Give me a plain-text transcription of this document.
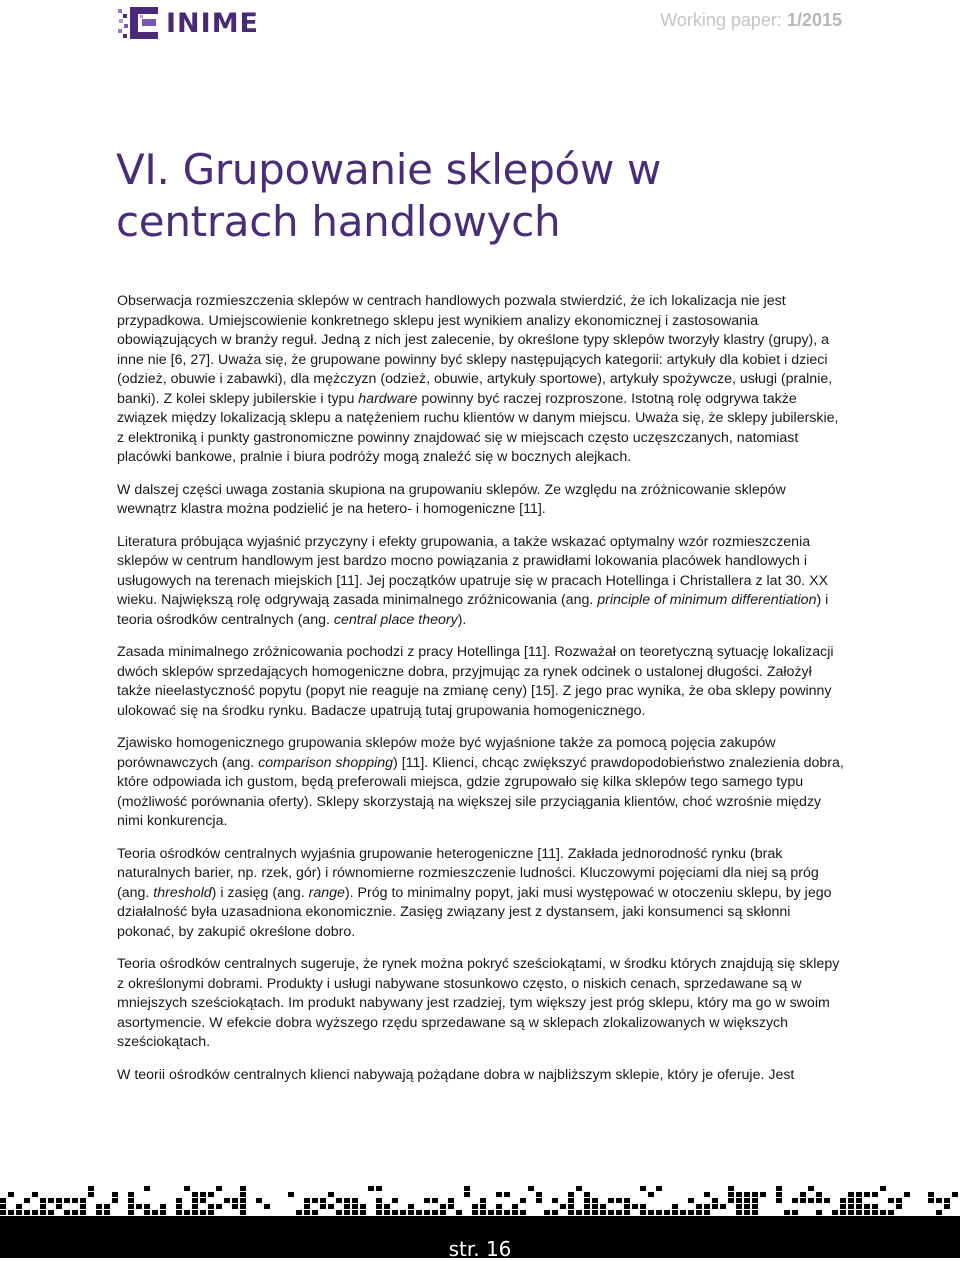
INIME	Working paper: 1/2015
VI. Grupowanie sklepów w centrach handlowych

Obserwacja rozmieszczenia sklepów w centrach handlowych pozwala stwierdzić, że ich lokalizacja nie jest przypadkowa. Umiejscowienie konkretnego sklepu jest wynikiem analizy ekonomicznej i zastosowania obowiązujących w branży reguł. Jedną z nich jest zalecenie, by określone typy sklepów tworzyły klastry (grupy), a inne nie [6, 27]. Uważa się, że grupowane powinny być sklepy następujących kategorii: artykuły dla kobiet i dzieci (odzież, obuwie i zabawki), dla mężczyzn (odzież, obuwie, artykuły sportowe), artykuły spożywcze, usługi (pralnie, banki). Z kolei sklepy jubilerskie i typu hardware powinny być raczej rozproszone. Istotną rolę odgrywa także związek między lokalizacją sklepu a natężeniem ruchu klientów w danym miejscu. Uważa się, że sklepy jubilerskie, z elektroniką i punkty gastronomiczne powinny znajdować się w miejscach często uczęszczanych, natomiast placówki bankowe, pralnie i biura podróży mogą znaleźć się w bocznych alejkach.

W dalszej części uwaga zostania skupiona na grupowaniu sklepów. Ze względu na zróżnicowanie sklepów wewnątrz klastra można podzielić je na hetero- i homogeniczne [11].

Literatura próbująca wyjaśnić przyczyny i efekty grupowania, a także wskazać optymalny wzór rozmieszczenia sklepów w centrum handlowym jest bardzo mocno powiązania z prawidłami lokowania placówek handlowych i usługowych na terenach miejskich [11]. Jej początków upatruje się w pracach Hotellinga i Christallera z lat 30. XX wieku. Największą rolę odgrywają zasada minimalnego zróżnicowania (ang. principle of minimum differentiation) i teoria ośrodków centralnych (ang. central place theory).

Zasada minimalnego zróżnicowania pochodzi z pracy Hotellinga [11]. Rozważał on teoretyczną sytuację lokalizacji dwóch sklepów sprzedających homogeniczne dobra, przyjmując za rynek odcinek o ustalonej długości. Założył także nieelastyczność popytu (popyt nie reaguje na zmianę ceny) [15]. Z jego prac wynika, że oba sklepy powinny ulokować się na środku rynku. Badacze upatrują tutaj grupowania homogenicznego.

Zjawisko homogenicznego grupowania sklepów może być wyjaśnione także za pomocą pojęcia zakupów porównawczych (ang. comparison shopping) [11]. Klienci, chcąc zwiększyć prawdopodobieństwo znalezienia dobra, które odpowiada ich gustom, będą preferowali miejsca, gdzie zgrupowało się kilka sklepów tego samego typu (możliwość porównania oferty). Sklepy skorzystają na większej sile przyciągania klientów, choć wzrośnie między nimi konkurencja.

Teoria ośrodków centralnych wyjaśnia grupowanie heterogeniczne [11]. Zakłada jednorodność rynku (brak naturalnych barier, np. rzek, gór) i równomierne rozmieszczenie ludności. Kluczowymi pojęciami dla niej są próg (ang. threshold) i zasięg (ang. range). Próg to minimalny popyt, jaki musi występować w otoczeniu sklepu, by jego działalność była uzasadniona ekonomicznie. Zasięg związany jest z dystansem, jaki konsumenci są skłonni pokonać, by zakupić określone dobro.

Teoria ośrodków centralnych sugeruje, że rynek można pokryć sześciokątami, w środku których znajdują się sklepy z określonymi dobrami. Produkty i usługi nabywane stosunkowo często, o niskich cenach, sprzedawane są w mniejszych sześciokątach. Im produkt nabywany jest rzadziej, tym większy jest próg sklepu, który ma go w swoim asortymencie. W efekcie dobra wyższego rzędu sprzedawane są w sklepach zlokalizowanych w większych sześciokątach.

W teorii ośrodków centralnych klienci nabywają pożądane dobra w najbliższym sklepie, który je oferuje. Jest

str. 16
